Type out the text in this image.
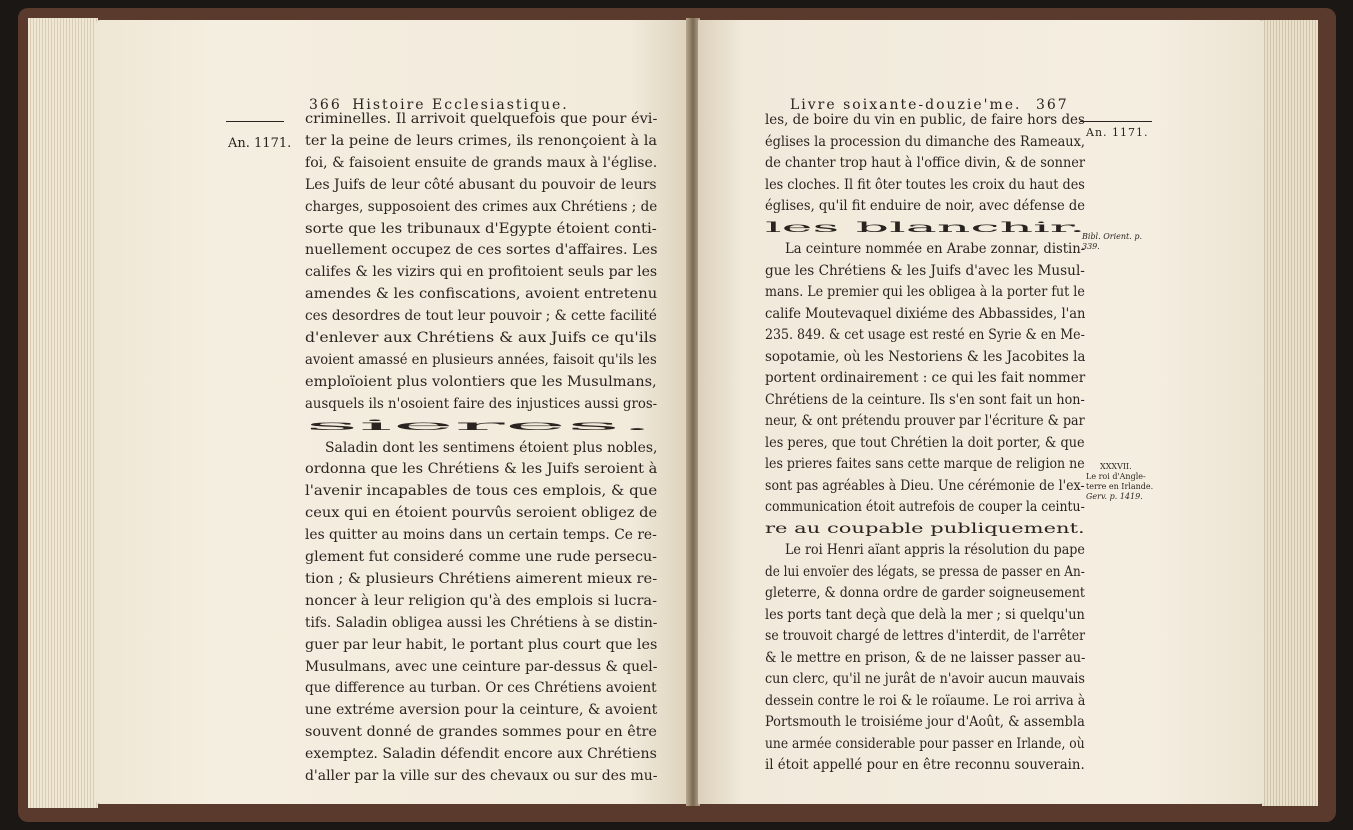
366 Histoire Ecclesiastique.
An. 1171.
criminelles. Il arrivoit quelquefois que pour évi-
ter la peine de leurs crimes, ils renonçoient à la
foi, & faisoient ensuite de grands maux à l'église.
Les Juifs de leur côté abusant du pouvoir de leurs
charges, supposoient des crimes aux Chrétiens ; de
sorte que les tribunaux d'Egypte étoient conti-
nuellement occupez de ces sortes d'affaires. Les
califes & les vizirs qui en profitoient seuls par les
amendes & les confiscations, avoient entretenu
ces desordres de tout leur pouvoir ; & cette facilité
d'enlever aux Chrétiens & aux Juifs ce qu'ils
avoient amassé en plusieurs années, faisoit qu'ils les
emploïoient plus volontiers que les Musulmans,
ausquels ils n'osoient faire des injustices aussi gros-
sieres.
Saladin dont les sentimens étoient plus nobles,
ordonna que les Chrétiens & les Juifs seroient à
l'avenir incapables de tous ces emplois, & que
ceux qui en étoient pourvûs seroient obligez de
les quitter au moins dans un certain temps. Ce re-
glement fut consideré comme une rude persecu-
tion ; & plusieurs Chrétiens aimerent mieux re-
noncer à leur religion qu'à des emplois si lucra-
tifs. Saladin obligea aussi les Chrétiens à se distin-
guer par leur habit, le portant plus court que les
Musulmans, avec une ceinture par-dessus & quel-
que difference au turban. Or ces Chrétiens avoient
une extréme aversion pour la ceinture, & avoient
souvent donné de grandes sommes pour en être
exemptez. Saladin défendit encore aux Chrétiens
d'aller par la ville sur des chevaux ou sur des mu-
Livre soixante-douzie'me. 367
An. 1171.
Bibl. Orient. p.
339.
XXXVII.
Le roi d'Angle-
terre en Irlande.
Gerv. p. 1419.
les, de boire du vin en public, de faire hors des
églises la procession du dimanche des Rameaux,
de chanter trop haut à l'office divin, & de sonner
les cloches. Il fit ôter toutes les croix du haut des
églises, qu'il fit enduire de noir, avec défense de
les blanchir.
La ceinture nommée en Arabe zonnar, distin-
gue les Chrétiens & les Juifs d'avec les Musul-
mans. Le premier qui les obligea à la porter fut le
calife Moutevaquel dixiéme des Abbassides, l'an
235. 849. & cet usage est resté en Syrie & en Me-
sopotamie, où les Nestoriens & les Jacobites la
portent ordinairement : ce qui les fait nommer
Chrétiens de la ceinture. Ils s'en sont fait un hon-
neur, & ont prétendu prouver par l'écriture & par
les peres, que tout Chrétien la doit porter, & que
les prieres faites sans cette marque de religion ne
sont pas agréables à Dieu. Une cérémonie de l'ex-
communication étoit autrefois de couper la ceintu-
re au coupable publiquement.
Le roi Henri aïant appris la résolution du pape
de lui envoïer des légats, se pressa de passer en An-
gleterre, & donna ordre de garder soigneusement
les ports tant deçà que delà la mer ; si quelqu'un
se trouvoit chargé de lettres d'interdit, de l'arrêter
& le mettre en prison, & de ne laisser passer au-
cun clerc, qu'il ne jurât de n'avoir aucun mauvais
dessein contre le roi & le roïaume. Le roi arriva à
Portsmouth le troisiéme jour d'Août, & assembla
une armée considerable pour passer en Irlande, où
il étoit appellé pour en être reconnu souverain.
